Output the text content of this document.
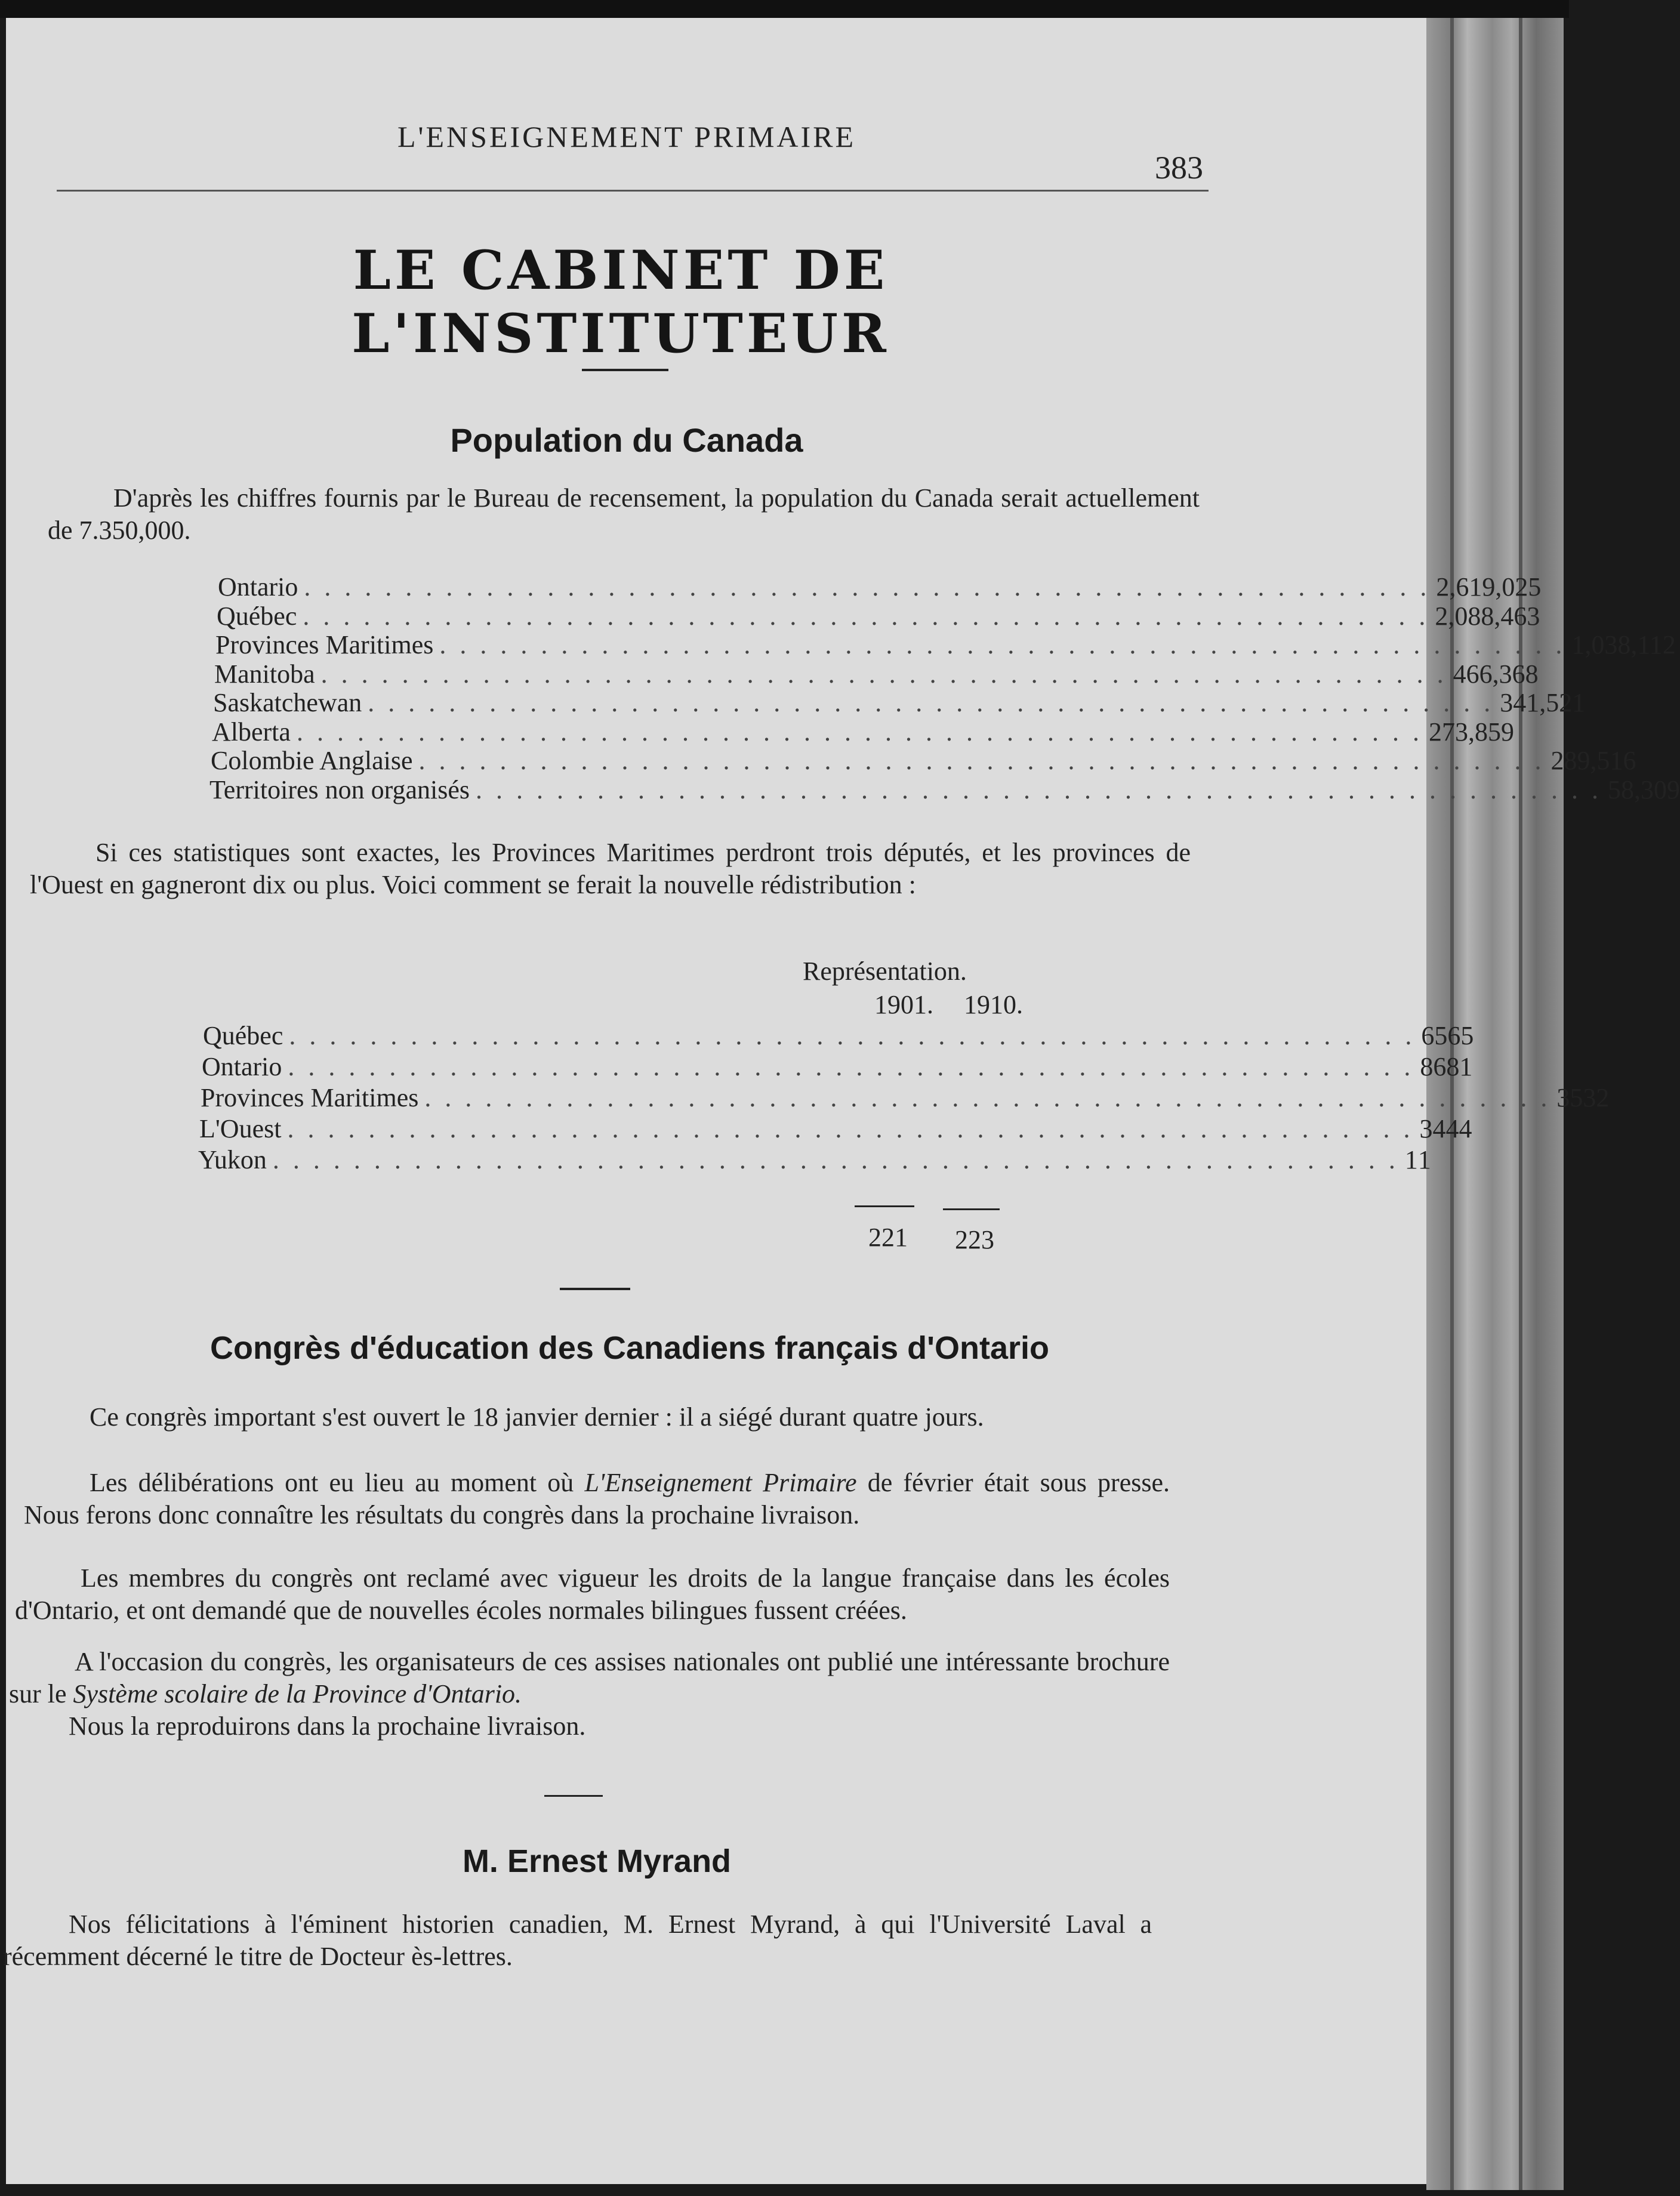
L'ENSEIGNEMENT PRIMAIRE
383
LE CABINET DE L'INSTITUTEUR
Population du Canada
D'après les chiffres fournis par le Bureau de recensement, la population du Canada serait actuellement de 7.350,000.
Ontario . . . . . . . . . . . . . . . . . . . . . . . . . . . . . . . . . . . . . . . . . . . . . . . . . . . . . . . . 2,619,025
Québec . . . . . . . . . . . . . . . . . . . . . . . . . . . . . . . . . . . . . . . . . . . . . . . . . . . . . . . . 2,088,463
Provinces Maritimes . . . . . . . . . . . . . . . . . . . . . . . . . . . . . . . . . . . . . . . . . . . . . . . . . . . . . . . . 1,038,112
Manitoba . . . . . . . . . . . . . . . . . . . . . . . . . . . . . . . . . . . . . . . . . . . . . . . . . . . . . . . . 466,368
Saskatchewan . . . . . . . . . . . . . . . . . . . . . . . . . . . . . . . . . . . . . . . . . . . . . . . . . . . . . . . . 341,521
Alberta . . . . . . . . . . . . . . . . . . . . . . . . . . . . . . . . . . . . . . . . . . . . . . . . . . . . . . . . 273,859
Colombie Anglaise . . . . . . . . . . . . . . . . . . . . . . . . . . . . . . . . . . . . . . . . . . . . . . . . . . . . . . . . 289,516
Territoires non organisés . . . . . . . . . . . . . . . . . . . . . . . . . . . . . . . . . . . . . . . . . . . . . . . . . . . . . . . . 58,309
Si ces statistiques sont exactes, les Provinces Maritimes perdront trois députés, et les provinces de l'Ouest en gagneront dix ou plus. Voici comment se ferait la nouvelle rédistribution :
Représentation.
1901. 1910.
Québec . . . . . . . . . . . . . . . . . . . . . . . . . . . . . . . . . . . . . . . . . . . . . . . . . . . . . . . . 65 65
Ontario . . . . . . . . . . . . . . . . . . . . . . . . . . . . . . . . . . . . . . . . . . . . . . . . . . . . . . . . 86 81
Provinces Maritimes . . . . . . . . . . . . . . . . . . . . . . . . . . . . . . . . . . . . . . . . . . . . . . . . . . . . . . . . 35 32
L'Ouest . . . . . . . . . . . . . . . . . . . . . . . . . . . . . . . . . . . . . . . . . . . . . . . . . . . . . . . . 34 44
Yukon . . . . . . . . . . . . . . . . . . . . . . . . . . . . . . . . . . . . . . . . . . . . . . . . . . . . . . . . 1 1
221 223
Congrès d'éducation des Canadiens français d'Ontario
Ce congrès important s'est ouvert le 18 janvier dernier : il a siégé durant quatre jours.
Les délibérations ont eu lieu au moment où L'Enseignement Primaire de février était sous presse. Nous ferons donc connaître les résultats du congrès dans la prochaine livraison.
Les membres du congrès ont reclamé avec vigueur les droits de la langue française dans les écoles d'Ontario, et ont demandé que de nouvelles écoles normales bilingues fussent créées.
A l'occasion du congrès, les organisateurs de ces assises nationales ont publié une intéressante brochure sur le Système scolaire de la Province d'Ontario.
Nous la reproduirons dans la prochaine livraison.
M. Ernest Myrand
Nos félicitations à l'éminent historien canadien, M. Ernest Myrand, à qui l'Université Laval a récemment décerné le titre de Docteur ès-lettres.
